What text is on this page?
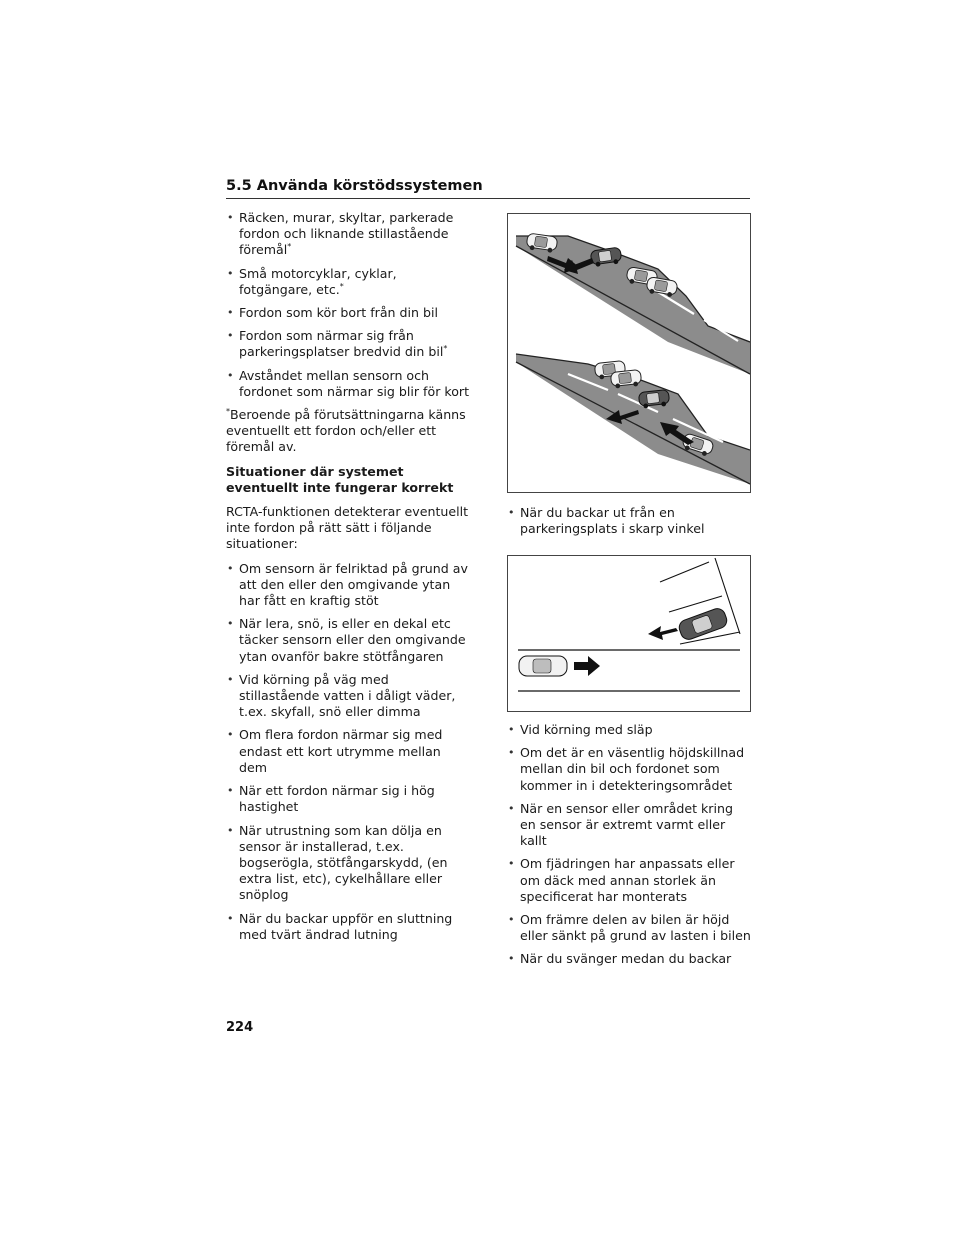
5.5 Använda körstödssystemen
• Räcken, murar, skyltar, parkerade fordon och liknande stillastående föremål*
• Små motorcyklar, cyklar, fotgängare, etc.*
• Fordon som kör bort från din bil
• Fordon som närmar sig från parkeringsplatser bredvid din bil*
• Avståndet mellan sensorn och fordonet som närmar sig blir för kort
*Beroende på förutsättningarna känns eventuellt ett fordon och/eller ett föremål av.
Situationer där systemet eventuellt inte fungerar korrekt
RCTA-funktionen detekterar eventuellt inte fordon på rätt sätt i följande situationer:
• Om sensorn är felriktad på grund av att den eller den omgivande ytan har fått en kraftig stöt
• När lera, snö, is eller en dekal etc täcker sensorn eller den omgivande ytan ovanför bakre stötfångaren
• Vid körning på väg med stillastående vatten i dåligt väder, t.ex. skyfall, snö eller dimma
• Om flera fordon närmar sig med endast ett kort utrymme mellan dem
• När ett fordon närmar sig i hög hastighet
• När utrustning som kan dölja en sensor är installerad, t.ex. bogserögla, stötfångarskydd, (en extra list, etc), cykelhållare eller snöplog
• När du backar uppför en sluttning med tvärt ändrad lutning
• När du backar ut från en parkeringsplats i skarp vinkel
• Vid körning med släp
• Om det är en väsentlig höjdskillnad mellan din bil och fordonet som kommer in i detekteringsområdet
• När en sensor eller området kring en sensor är extremt varmt eller kallt
• Om fjädringen har anpassats eller om däck med annan storlek än specificerat har monterats
• Om främre delen av bilen är höjd eller sänkt på grund av lasten i bilen
• När du svänger medan du backar
224
